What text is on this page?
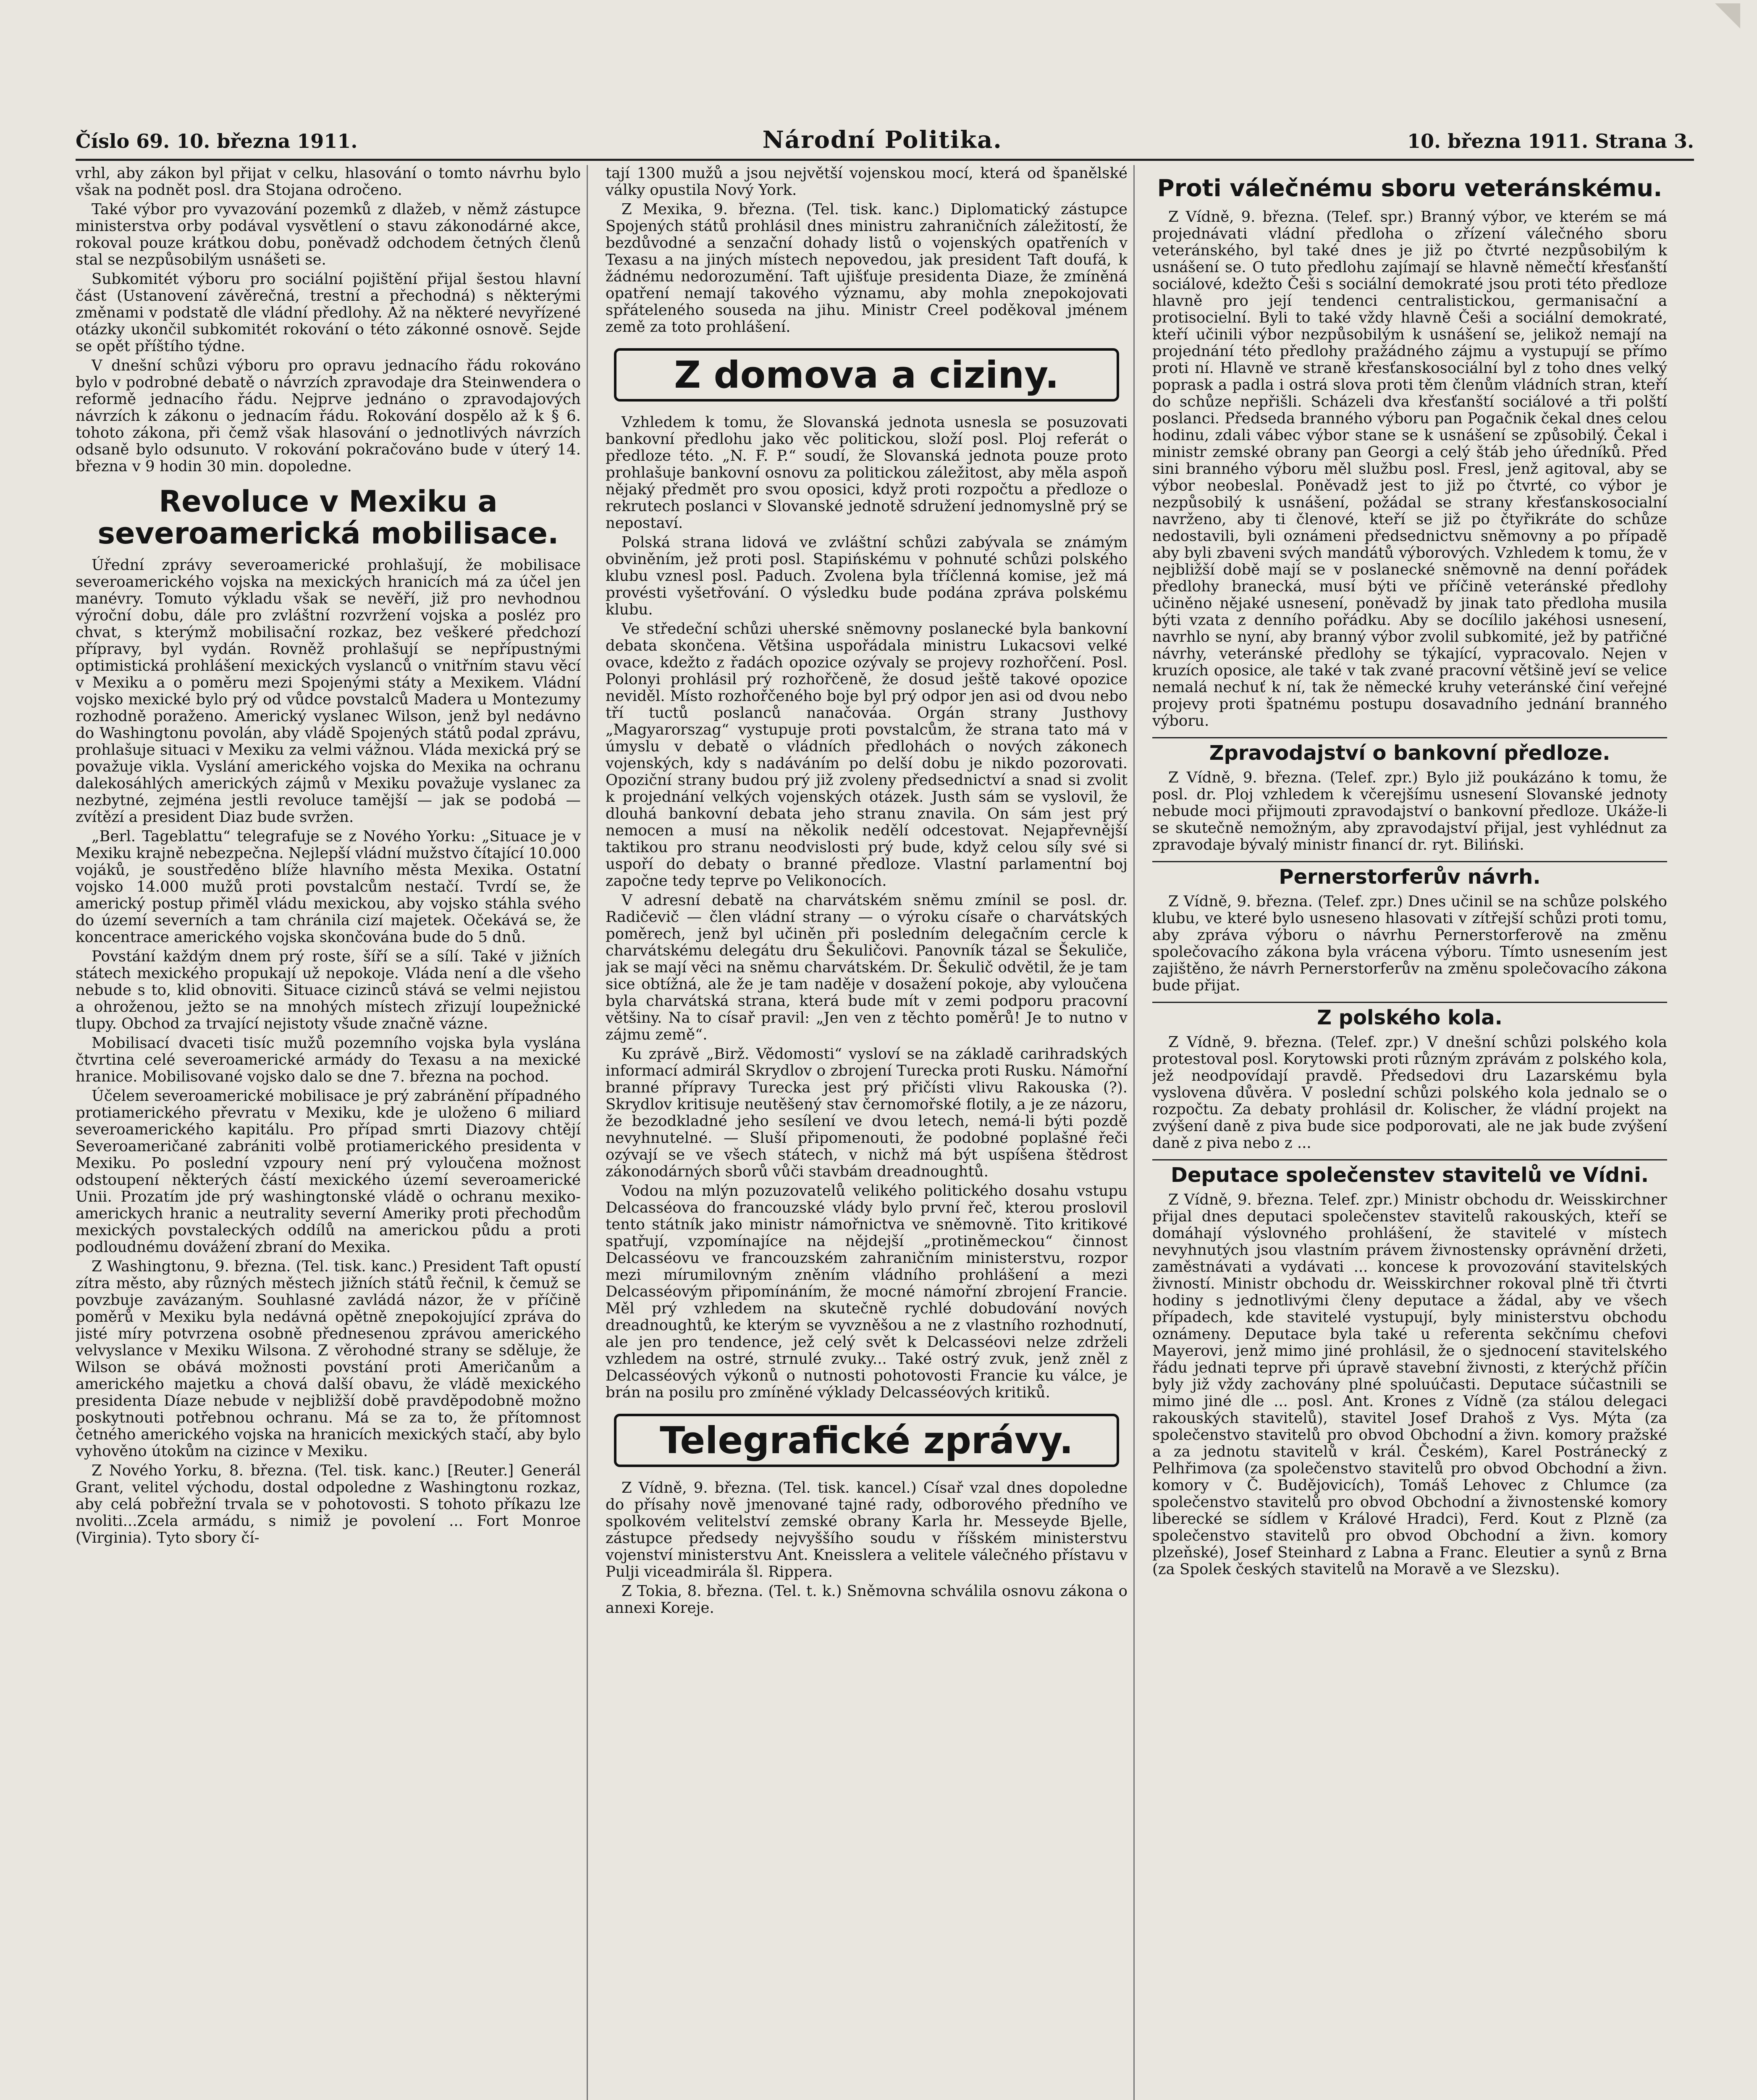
Číslo 69. 10. března 1911.	Národní Politika.	10. března 1911. Strana 3.

vrhl, aby zákon byl přijat v celku, hlasování o tomto návrhu bylo však na podnět posl. dra Stojana odročeno.

Také výbor pro vyvazování pozemků z dlažeb, v němž zástupce ministerstva orby podával vysvětlení o stavu zákonodárné akce, rokoval pouze krátkou dobu, poněvadž odchodem četných členů stal se nezpůsobilým usnášeti se.

Subkomitét výboru pro sociální pojištění přijal šestou hlavní část (Ustanovení závěrečná, trestní a přechodná) s některými změnami v podstatě dle vládní předlohy. Až na některé nevyřízené otázky ukončil subkomitét rokování o této zákonné osnově. Sejde se opět příštího týdne.

V dnešní schůzi výboru pro opravu jednacího řádu rokováno bylo v podrobné debatě o návrzích zpravodaje dra Steinwendera o reformě jednacího řádu. Nejprve jednáno o zpravodajových návrzích k zákonu o jednacím řádu. Rokování dospělo až k § 6. tohoto zákona, při čemž však hlasování o jednotlivých návrzích odsaně bylo odsunuto. V rokování pokračováno bude v úterý 14. března v 9 hodin 30 min. dopoledne.

Revoluce v Mexiku a severoamerická mobilisace.

Úřední zprávy severoamerické prohlašují, že mobilisace severoamerického vojska na mexických hranicích má za účel jen manévry. Tomuto výkladu však se nevěří, již pro nevhodnou výroční dobu, dále pro zvláštní rozvržení vojska a posléz pro chvat, s kterýmž mobilisační rozkaz, bez veškeré předchozí přípravy, byl vydán. Rovněž prohlašují se nepřípustnými optimistická prohlášení mexických vyslanců o vnitřním stavu věcí v Mexiku a o poměru mezi Spojenými státy a Mexikem. Vládní vojsko mexické bylo prý od vůdce povstalců Madera u Montezumy rozhodně poraženo. Americký vyslanec Wilson, jenž byl nedávno do Washingtonu povolán, aby vládě Spojených států podal zprávu, prohlašuje situaci v Mexiku za velmi vážnou. Vláda mexická prý se považuje vikla. Vyslání amerického vojska do Mexika na ochranu dalekosáhlých amerických zájmů v Mexiku považuje vyslanec za nezbytné, zejména jestli revoluce tamější — jak se podobá — zvítězí a president Diaz bude svržen.

„Berl. Tageblattu“ telegrafuje se z Nového Yorku: „Situace je v Mexiku krajně nebezpečna. Nejlepší vládní mužstvo čítající 10.000 vojáků, je soustředěno blíže hlavního města Mexika. Ostatní vojsko 14.000 mužů proti povstalcům nestačí. Tvrdí se, že americký postup přiměl vládu mexickou, aby vojsko stáhla svého do území severních a tam chránila cizí majetek. Očekává se, že koncentrace amerického vojska skončována bude do 5 dnů.

Povstání každým dnem prý roste, šíří se a sílí. Také v jižních státech mexického propukají už nepokoje. Vláda není a dle všeho nebude s to, klid obnoviti. Situace cizinců stává se velmi nejistou a ohroženou, ježto se na mnohých místech zřizují loupežnické tlupy. Obchod za trvající nejistoty všude značně vázne.

Mobilisací dvaceti tisíc mužů pozemního vojska byla vyslána čtvrtina celé severoamerické armády do Texasu a na mexické hranice. Mobilisované vojsko dalo se dne 7. března na pochod.

Účelem severoamerické mobilisace je prý zabránění případného protiamerického převratu v Mexiku, kde je uloženo 6 miliard severoamerického kapitálu. Pro případ smrti Diazovy chtějí Severoameričané zabrániti volbě protiamerického presidenta v Mexiku. Po poslední vzpoury není prý vyloučena možnost odstoupení některých částí mexického území severoamerické Unii. Prozatím jde prý washingtonské vládě o ochranu mexiko-americkych hranic a neutrality severní Ameriky proti přechodům mexických povstaleckých oddílů na americkou půdu a proti podloudnému dovážení zbraní do Mexika.

Z Washingtonu, 9. března. (Tel. tisk. kanc.) President Taft opustí zítra město, aby různých městech jižních států řečnil, k čemuž se povzbuje zavázaným. Souhlasné zavládá názor, že v příčině poměrů v Mexiku byla nedávná opětně znepokojující zpráva do jisté míry potvrzena osobně přednesenou zprávou amerického velvyslance v Mexiku Wilsona. Z věrohodné strany se sděluje, že Wilson se obává možnosti povstání proti Američanům a amerického majetku a chová další obavu, že vládě mexického presidenta Díaze nebude v nejbližší době pravděpodobně možno poskytnouti potřebnou ochranu. Má se za to, že přítomnost četného amerického vojska na hranicích mexických stačí, aby bylo vyhověno útokům na cizince v Mexiku.

Z Nového Yorku, 8. března. (Tel. tisk. kanc.) [Reuter.] Generál Grant, velitel východu, dostal odpoledne z Washingtonu rozkaz, aby celá pobřežní trvala se v pohotovosti. S tohoto příkazu lze nvoliti...Zcela armádu, s nimiž je povolení ... Fort Monroe (Virginia). Tyto sbory čí-

tají 1300 mužů a jsou největší vojenskou mocí, která od španělské války opustila Nový York.

Z Mexika, 9. března. (Tel. tisk. kanc.) Diplomatický zástupce Spojených států prohlásil dnes ministru zahraničních záležitostí, že bezdůvodné a senzační dohady listů o vojenských opatřeních v Texasu a na jiných místech nepovedou, jak president Taft doufá, k žádnému nedorozumění. Taft ujišťuje presidenta Diaze, že zmíněná opatření nemají takového významu, aby mohla znepokojovati spřáteleného souseda na jihu. Ministr Creel poděkoval jménem země za toto prohlášení.

Z domova a ciziny.

Vzhledem k tomu, že Slovanská jednota usnesla se posuzovati bankovní předlohu jako věc politickou, složí posl. Ploj referát o předloze této. „N. F. P.“ soudí, že Slovanská jednota pouze proto prohlašuje bankovní osnovu za politickou záležitost, aby měla aspoň nějaký předmět pro svou oposici, když proti rozpočtu a předloze o rekrutech poslanci v Slovanské jednotě sdružení jednomyslně prý se nepostaví.

Polská strana lidová ve zvláštní schůzi zabývala se známým obviněním, jež proti posl. Stapińskému v pohnuté schůzi polského klubu vznesl posl. Paduch. Zvolena byla tříčlenná komise, jež má provésti vyšetřování. O výsledku bude podána zpráva polskému klubu.

Ve středeční schůzi uherské sněmovny poslanecké byla bankovní debata skončena. Většina uspořádala ministru Lukacsovi velké ovace, kdežto z řadách opozice ozývaly se projevy rozhořčení. Posl. Polonyi prohlásil prý rozhořčeně, že dosud ještě takové opozice neviděl. Místo rozhořčeného boje byl prý odpor jen asi od dvou nebo tří tuctů poslanců nanačováa. Orgán strany Justhovy „Magyarorszag“ vystupuje proti povstalcům, že strana tato má v úmyslu v debatě o vládních předlohách o nových zákonech vojenských, kdy s nadáváním po delší dobu je nikdo pozorovati. Opoziční strany budou prý již zvoleny předsednictví a snad si zvolit k projednání velkých vojenských otázek. Justh sám se vyslovil, že dlouhá bankovní debata jeho stranu znavila. On sám jest prý nemocen a musí na několik nedělí odcestovat. Nejapřevnější taktikou pro stranu neodvislosti prý bude, když celou síly své si uspoří do debaty o branné předloze. Vlastní parlamentní boj započne tedy teprve po Velikonocích.

V adresní debatě na charvátském sněmu zmínil se posl. dr. Radičevič — člen vládní strany — o výroku císaře o charvátských poměrech, jenž byl učiněn při posledním delegačním cercle k charvátskému delegátu dru Šekuličovi. Panovník tázal se Šekuliče, jak se mají věci na sněmu charvátském. Dr. Šekulič odvětil, že je tam sice obtížná, ale že je tam naděje v dosažení pokoje, aby vyloučena byla charvátská strana, která bude mít v zemi podporu pracovní většiny. Na to císař pravil: „Jen ven z těchto poměrů! Je to nutno v zájmu země“.

Ku zprávě „Birž. Vědomosti“ vysloví se na základě carihradských informací admirál Skrydlov o zbrojení Turecka proti Rusku. Námořní branné přípravy Turecka jest prý přičísti vlivu Rakouska (?). Skrydlov kritisuje neutěšený stav černomořské flotily, a je ze názoru, že bezodkladné jeho sesílení ve dvou letech, nemá-li býti pozdě nevyhnutelné. — Sluší připomenouti, že podobné poplašné řeči ozývají se ve všech státech, v nichž má být uspíšena štědrost zákonodárných sborů vůči stavbám dreadnoughtů.

Vodou na mlýn pozuzovatelů velikého politického dosahu vstupu Delcasséova do francouzské vlády bylo první řeč, kterou proslovil tento státník jako ministr námořnictva ve sněmovně. Tito kritikové spatřují, vzpomínajíce na nějdejší „protiněmeckou“ činnost Delcasséovu ve francouzském zahraničním ministerstvu, rozpor mezi mírumilovným zněním vládního prohlášení a mezi Delcasséovým připomínáním, že mocné námořní zbrojení Francie. Měl prý vzhledem na skutečně rychlé dobudování nových dreadnoughtů, ke kterým se vyvzněšou a ne z vlastního rozhodnutí, ale jen pro tendence, jež celý svět k Delcasséovi nelze zdrželi vzhledem na ostré, strnulé zvuky... Také ostrý zvuk, jenž zněl z Delcasséových výkonů o nutnosti pohotovosti Francie ku válce, je brán na posilu pro zmíněné výklady Delcasséových kritiků.

Telegrafické zprávy.

Z Vídně, 9. března. (Tel. tisk. kancel.) Císař vzal dnes dopoledne do přísahy nově jmenované tajné rady, odborového předního ve spolkovém velitelství zemské obrany Karla hr. Messeyde Bjelle, zástupce předsedy nejvyššího soudu v říšském ministerstvu vojenství ministerstvu Ant. Kneisslera a velitele válečného přístavu v Pulji viceadmirála šl. Rippera.

Z Tokia, 8. března. (Tel. t. k.) Sněmovna schválila osnovu zákona o annexi Koreje.

Proti válečnému sboru veteránskému.

Z Vídně, 9. března. (Telef. spr.) Branný výbor, ve kterém se má projednávati vládní předloha o zřízení válečného sboru veteránského, byl také dnes je již po čtvrté nezpůsobilým k usnášení se. O tuto předlohu zajímají se hlavně němečtí křesťanští sociálové, kdežto Češi s sociální demokraté jsou proti této předloze hlavně pro její tendenci centralistickou, germanisační a protisocielní. Byli to také vždy hlavně Češi a sociální demokraté, kteří učinili výbor nezpůsobilým k usnášení se, jelikož nemají na projednání této předlohy pražádného zájmu a vystupují se přímo proti ní. Hlavně ve straně křesťanskosociální byl z toho dnes velký poprask a padla i ostrá slova proti těm členům vládních stran, kteří do schůze nepřišli. Scházeli dva křesťanští sociálové a tři polští poslanci. Předseda branného výboru pan Pogačnik čekal dnes celou hodinu, zdali vábec výbor stane se k usnášení se způsobilý. Čekal i ministr zemské obrany pan Georgi a celý štáb jeho úředníků. Před sini branného výboru měl službu posl. Fresl, jenž agitoval, aby se výbor neobeslal. Poněvadž jest to již po čtvrté, co výbor je nezpůsobilý k usnášení, požádal se strany křesťanskosocialní navrženo, aby ti členové, kteří se již po čtyřikráte do schůze nedostavili, byli oznámeni předsednictvu sněmovny a po případě aby byli zbaveni svých mandátů výborových. Vzhledem k tomu, že v nejbližší době mají se v poslanecké sněmovně na denní pořádek předlohy branecká, musí býti ve příčině veteránské předlohy učiněno nějaké usnesení, poněvadž by jinak tato předloha musila býti vzata z denního pořádku. Aby se docílilo jakéhosi usnesení, navrhlo se nyní, aby branný výbor zvolil subkomité, jež by patřičné návrhy, veteránské předlohy se týkající, vypracovalo. Nejen v kruzích oposice, ale také v tak zvané pracovní většině jeví se velice nemalá nechuť k ní, tak že německé kruhy veteránské činí veřejné projevy proti špatnému postupu dosavadního jednání branného výboru.

Zpravodajství o bankovní předloze.

Z Vídně, 9. března. (Telef. zpr.) Bylo již poukázáno k tomu, že posl. dr. Ploj vzhledem k včerejšímu usnesení Slovanské jednoty nebude moci přijmouti zpravodajství o bankovní předloze. Ukáže-li se skutečně nemožným, aby zpravodajství přijal, jest vyhlédnut za zpravodaje bývalý ministr financí dr. ryt. Biliński.

Pernerstorferův návrh.

Z Vídně, 9. března. (Telef. zpr.) Dnes učinil se na schůze polského klubu, ve které bylo usneseno hlasovati v zítřejší schůzi proti tomu, aby zpráva výboru o návrhu Pernerstorferově na změnu společovacího zákona byla vrácena výboru. Tímto usnesením jest zajištěno, že návrh Pernerstorferův na změnu společovacího zákona bude přijat.

Z polského kola.

Z Vídně, 9. března. (Telef. zpr.) V dnešní schůzi polského kola protestoval posl. Korytowski proti různým zprávám z polského kola, jež neodpovídají pravdě. Předsedovi dru Lazarskému byla vyslovena důvěra. V poslední schůzi polského kola jednalo se o rozpočtu. Za debaty prohlásil dr. Kolischer, že vládní projekt na zvýšení daně z piva bude sice podporovati, ale ne jak bude zvýšení daně z piva nebo z ...

Deputace společenstev stavitelů ve Vídni.

Z Vídně, 9. března. Telef. zpr.) Ministr obchodu dr. Weisskirchner přijal dnes deputaci společenstev stavitelů rakouských, kteří se domáhají výslovného prohlášení, že stavitelé v místech nevyhnutých jsou vlastním právem živnostensky oprávnění držeti, zaměstnávati a vydávati ... koncese k provozování stavitelských živností. Ministr obchodu dr. Weisskirchner rokoval plně tři čtvrti hodiny s jednotlivými členy deputace a žádal, aby ve všech případech, kde stavitelé vystupují, byly ministerstvu obchodu oznámeny. Deputace byla také u referenta sekčnímu chefovi Mayerovi, jenž mimo jiné prohlásil, že o sjednocení stavitelského řádu jednati teprve při úpravě stavební živnosti, z kterýchž příčin byly již vždy zachovány plné spoluúčasti. Deputace súčastnili se mimo jiné dle ... posl. Ant. Krones z Vídně (za stálou delegaci rakouských stavitelů), stavitel Josef Drahoš z Vys. Mýta (za společenstvo stavitelů pro obvod Obchodní a živn. komory pražské a za jednotu stavitelů v král. Českém), Karel Postránecký z Pelhřimova (za společenstvo stavitelů pro obvod Obchodní a živn. komory v Č. Budějovicích), Tomáš Lehovec z Chlumce (za společenstvo stavitelů pro obvod Obchodní a živnostenské komory liberecké se sídlem v Králové Hradci), Ferd. Kout z Plzně (za společenstvo stavitelů pro obvod Obchodní a živn. komory plzeňské), Josef Steinhard z Labna a Franc. Eleutier a synů z Brna (za Spolek českých stavitelů na Moravě a ve Slezsku).
